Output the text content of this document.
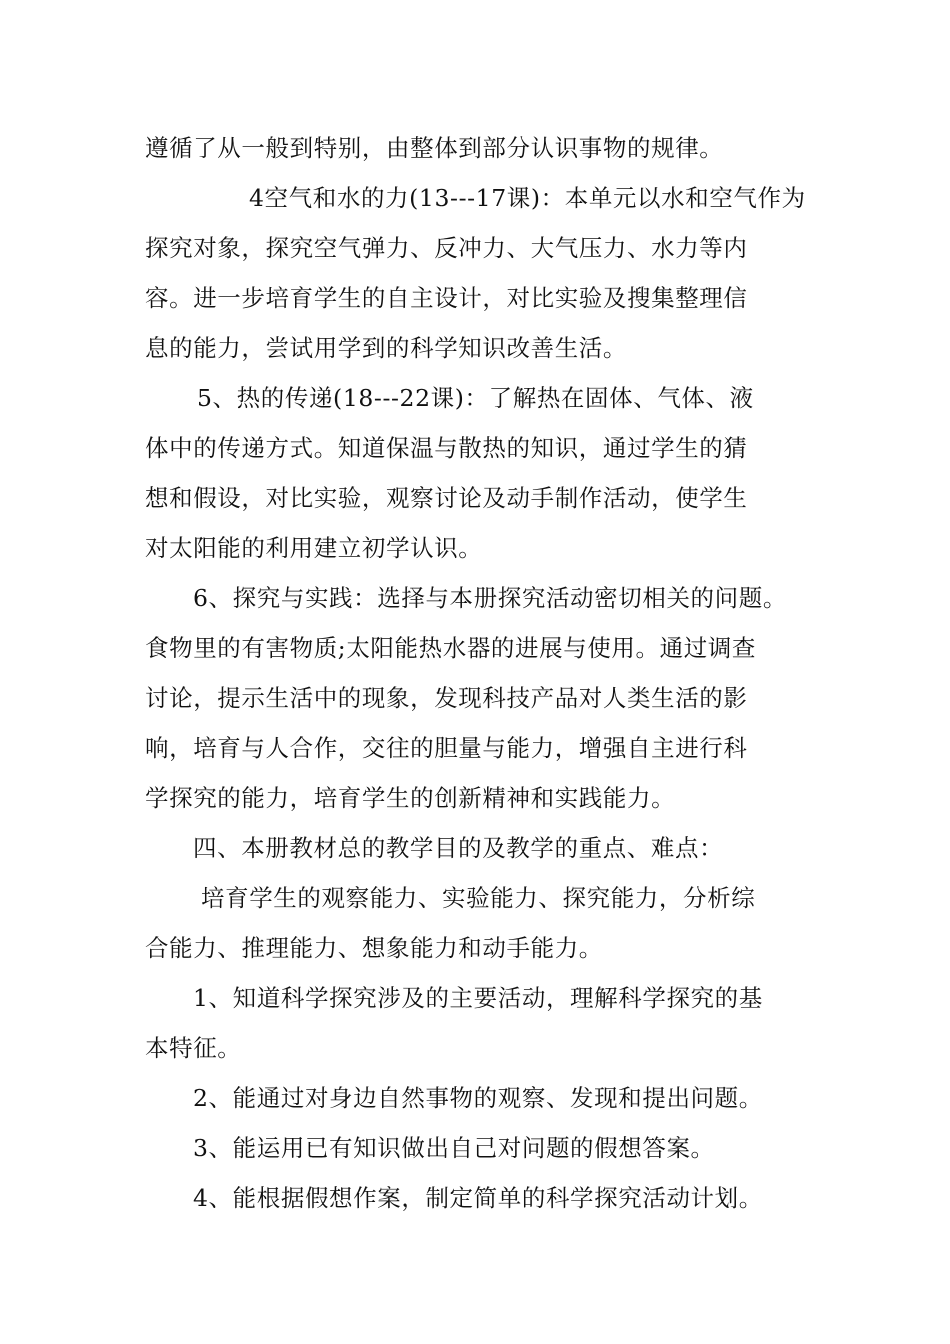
遵循了从一般到特别，由整体到部分认识事物的规律。

4空气和水的力(13---17课)：本单元以水和空气作为
探究对象，探究空气弹力、反冲力、大气压力、水力等内
容。进一步培育学生的自主设计，对比实验及搜集整理信
息的能力，尝试用学到的科学知识改善生活。

5、热的传递(18---22课)：了解热在固体、气体、液
体中的传递方式。知道保温与散热的知识，通过学生的猜
想和假设，对比实验，观察讨论及动手制作活动，使学生
对太阳能的利用建立初学认识。

6、探究与实践：选择与本册探究活动密切相关的问题。
食物里的有害物质;太阳能热水器的进展与使用。通过调查
讨论，提示生活中的现象，发现科技产品对人类生活的影
响，培育与人合作，交往的胆量与能力，增强自主进行科
学探究的能力，培育学生的创新精神和实践能力。

四、本册教材总的教学目的及教学的重点、难点：

培育学生的观察能力、实验能力、探究能力，分析综
合能力、推理能力、想象能力和动手能力。

1、知道科学探究涉及的主要活动，理解科学探究的基
本特征。

2、能通过对身边自然事物的观察、发现和提出问题。

3、能运用已有知识做出自己对问题的假想答案。

4、能根据假想作案，制定简单的科学探究活动计划。
